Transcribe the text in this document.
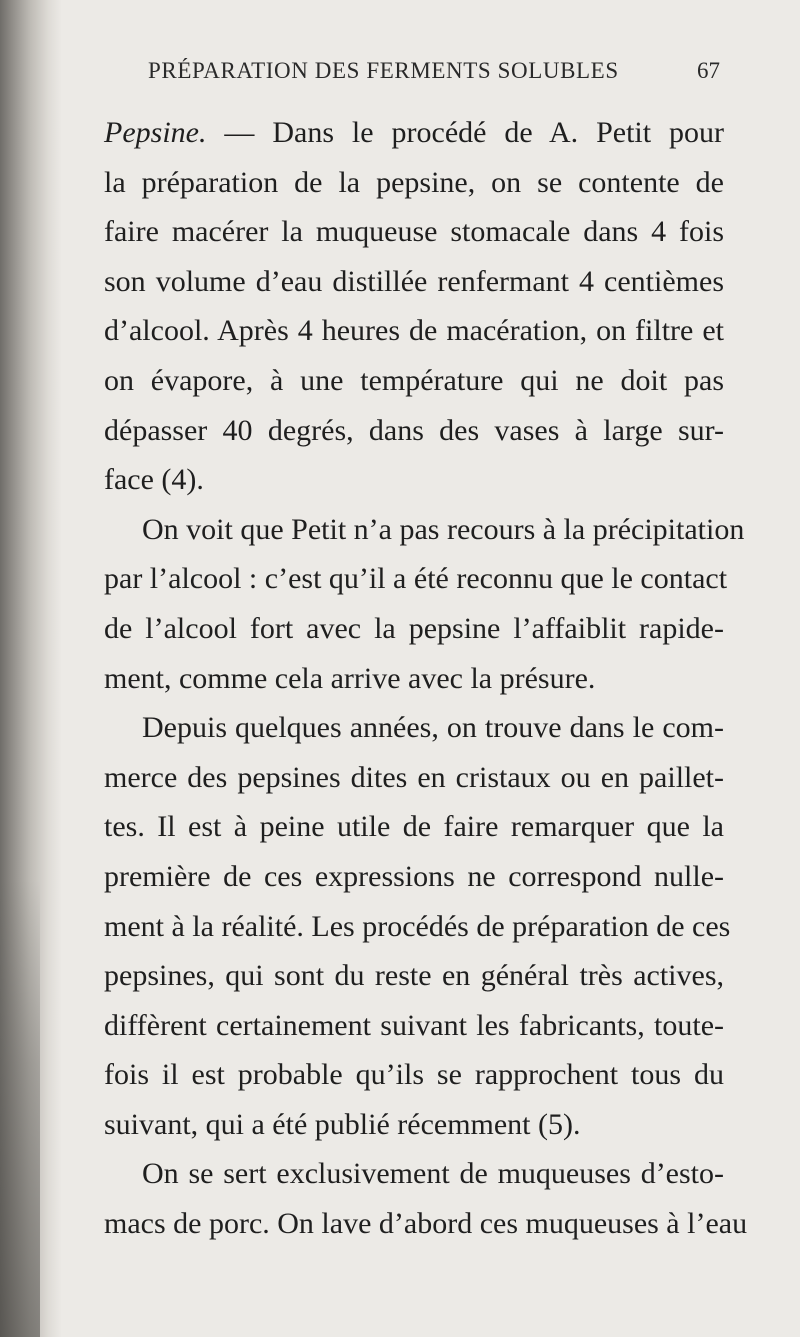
PRÉPARATION DES FERMENTS SOLUBLES	67
Pepsine. — Dans le procédé de A. Petit pour
la préparation de la pepsine, on se contente de
faire macérer la muqueuse stomacale dans 4 fois
son volume d’eau distillée renfermant 4 centièmes
d’alcool. Après 4 heures de macération, on filtre et
on évapore, à une température qui ne doit pas
dépasser 40 degrés, dans des vases à large sur-
face (4).
On voit que Petit n’a pas recours à la précipitation
par l’alcool : c’est qu’il a été reconnu que le contact
de l’alcool fort avec la pepsine l’affaiblit rapide-
ment, comme cela arrive avec la présure.
Depuis quelques années, on trouve dans le com-
merce des pepsines dites en cristaux ou en paillet-
tes. Il est à peine utile de faire remarquer que la
première de ces expressions ne correspond nulle-
ment à la réalité. Les procédés de préparation de ces
pepsines, qui sont du reste en général très actives,
diffèrent certainement suivant les fabricants, toute-
fois il est probable qu’ils se rapprochent tous du
suivant, qui a été publié récemment (5).
On se sert exclusivement de muqueuses d’esto-
macs de porc. On lave d’abord ces muqueuses à l’eau
